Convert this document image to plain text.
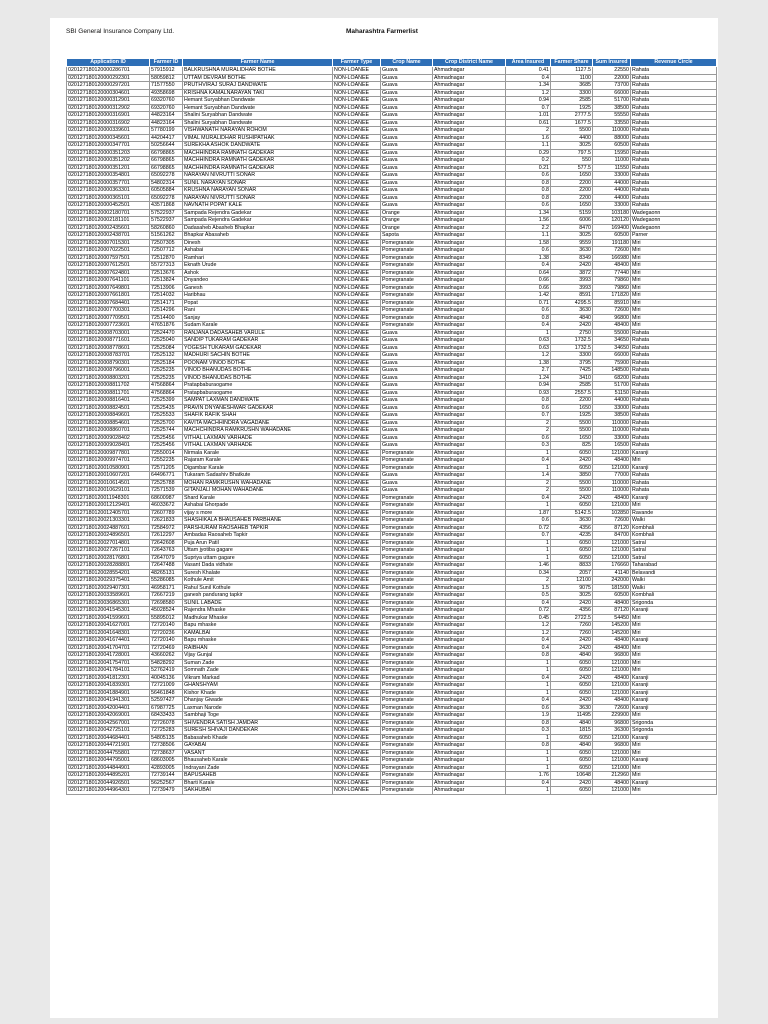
SBI General Insurance Company Ltd.	Maharashtra Farmerlist
Application ID	Farmer ID	Farmer Name	Farmer Type	Crop Name	Crop District Name	Area Insured	Farmer Share	Sum Insured	Revenue Circle
020127180120000286701	57915912	BALKRUSHNA MURALIDHAR BOTHE	NON-LOANEE	Guava	Ahmadnagar	0.41	1127.5	22550	Rahata
020127180120000292301	58059812	UTTAM DEVRAM BOTHE	NON-LOANEE	Guava	Ahmadnagar	0.4	1100	22000	Rahata
020127180120000297201	71577550	PRUTHVIRAJ SURAJ DANDWATE	NON-LOANEE	Guava	Ahmadnagar	1.34	3685	73700	Rahata
020127180120000304601	49358698	KRISHNA KAMALNARAYAN TAKI	NON-LOANEE	Guava	Ahmadnagar	1.2	3300	66000	Rahata
020127180120000312901	69320760	Hemant Suryabhan Dandwate	NON-LOANEE	Guava	Ahmadnagar	0.94	2585	51700	Rahata
020127180120000312902	69320760	Hemant Suryabhan Dandwate	NON-LOANEE	Guava	Ahmadnagar	0.7	1925	38500	Rahata
020127180120000316901	44823164	Shalini Suryabhan Dandwate	NON-LOANEE	Guava	Ahmadnagar	1.01	2777.5	55550	Rahata
020127180120000316902	44823164	Shalini Suryabhan Dandwate	NON-LOANEE	Guava	Ahmadnagar	0.61	1677.5	33550	Rahata
020127180120000339601	57780199	VISHWANATH NARAYAN ROHOM	NON-LOANEE	Guava	Ahmadnagar	2	5500	110000	Rahata
020127180120000345601	44204417	VIMAL MURALIDHAR RUSHIPATHAK	NON-LOANEE	Guava	Ahmadnagar	1.6	4400	88000	Rahata
020127180120000347701	50256644	SUREKHA ASHOK DANDWATE	NON-LOANEE	Guava	Ahmadnagar	1.1	3025	60500	Rahata
020127180120000351203	66798865	MACHHINDRA RAMNATH GADEKAR	NON-LOANEE	Guava	Ahmadnagar	0.29	797.5	15950	Rahata
020127180120000351202	66798865	MACHHINDRA RAMNATH GADEKAR	NON-LOANEE	Guava	Ahmadnagar	0.2	550	11000	Rahata
020127180120000351201	66798865	MACHHINDRA RAMNATH GADEKAR	NON-LOANEE	Guava	Ahmadnagar	0.21	577.5	11550	Rahata
020127180120000354801	65092278	NARAYAN NIVRUTTI SONAR	NON-LOANEE	Guava	Ahmadnagar	0.6	1650	33000	Rahata
020127180120000357701	54802314	SUNIL NARAYAN SONAR	NON-LOANEE	Guava	Ahmadnagar	0.8	2200	44000	Rahata
020127180120000363301	60505884	KRUSHNA NARAYAN SONAR	NON-LOANEE	Guava	Ahmadnagar	0.8	2200	44000	Rahata
020127180120000365101	65092278	NARAYAN NIVRUTTI SONAR	NON-LOANEE	Guava	Ahmadnagar	0.8	2200	44000	Rahata
020127180120000452501	43571868	NAVNATH POPAT KALE	NON-LOANEE	Guava	Ahmadnagar	0.6	1650	33000	Rahata
020127180120002180701	57522937	Sampada Rejendra Gadekar	NON-LOANEE	Orange	Ahmadnagar	1.34	5159	103180	Wadegaonn
020127180120002181101	57522937	Sampada Rejendra Gadekar	NON-LOANEE	Orange	Ahmadnagar	1.56	6006	120120	Wadegaonn
020127180120002435601	58260860	Dadasaheb Abasheb Bhapkar	NON-LOANEE	Orange	Ahmadnagar	2.2	8470	169400	Wadegaonn
020127180120002438701	51561262	Bhapkar Abasaheb	NON-LOANEE	Sapota	Ahmadnagar	1.1	3025	60500	Parner
020127180120007015301	72507305	Dinesh	NON-LOANEE	Pomegranate	Ahmadnagar	1.58	9559	191180	Miri
020127180120007022501	72507712	Ashabai	NON-LOANEE	Pomegranate	Ahmadnagar	0.6	3630	72600	Miri
020127180120007597501	72512870	Ramhari	NON-LOANEE	Pomegranate	Ahmadnagar	1.38	8349	166980	Miri
020127180120007612501	55727313	Eknath Urude	NON-LOANEE	Pomegranate	Ahmadnagar	0.4	2420	48400	Miri
020127180120007624801	72513676	Ashok	NON-LOANEE	Pomegranate	Ahmadnagar	0.64	3872	77440	Miri
020127180120007641101	72513824	Dnyandeo	NON-LOANEE	Pomegranate	Ahmadnagar	0.66	3993	79860	Miri
020127180120007649801	72513906	Ganesh	NON-LOANEE	Pomegranate	Ahmadnagar	0.66	3993	79860	Miri
020127180120007661801	72514032	Haribhau	NON-LOANEE	Pomegranate	Ahmadnagar	1.42	8591	171820	Miri
020127180120007684401	72514171	Popat	NON-LOANEE	Pomegranate	Ahmadnagar	0.71	4295.5	85910	Miri
020127180120007700301	72514296	Rani	NON-LOANEE	Pomegranate	Ahmadnagar	0.6	3630	72600	Miri
020127180120007709501	72514400	Sanjay	NON-LOANEE	Pomegranate	Ahmadnagar	0.8	4840	96800	Miri
020127180120007723601	47651876	Sudam Karale	NON-LOANEE	Pomegranate	Ahmadnagar	0.4	2420	48400	Miri
020127180120008703001	72524470	RANJANA DADASAHEB VARULE	NON-LOANEE	Guava	Ahmadnagar	1	2750	55000	Rahata
020127180120008771601	72525040	SANDIP TUKARAM GADEKAR	NON-LOANEE	Guava	Ahmadnagar	0.63	1732.5	34650	Rahata
020127180120008778601	72525084	YOGESH TUKARAM GADEKAR	NON-LOANEE	Guava	Ahmadnagar	0.63	1732.5	34650	Rahata
020127180120008783701	72525132	MADHURI SACHIN BOTHE	NON-LOANEE	Guava	Ahmadnagar	1.2	3300	66000	Rahata
020127180120008790301	72525184	POONAM VINOD BOTHE	NON-LOANEE	Guava	Ahmadnagar	1.38	3795	75900	Rahata
020127180120008796001	72525235	VINOD BHANUDAS BOTHE	NON-LOANEE	Guava	Ahmadnagar	2.7	7425	148500	Rahata
020127180120008803201	72525235	VINOD BHANUDAS BOTHE	NON-LOANEE	Guava	Ahmadnagar	1.24	3410	68200	Rahata
020127180120008811702	47568864	Pratapbaburaogame	NON-LOANEE	Guava	Ahmadnagar	0.94	2585	51700	Rahata
020127180120008811701	47568864	Pratapbaburaogame	NON-LOANEE	Guava	Ahmadnagar	0.93	2557.5	51150	Rahata
020127180120008816401	72525399	SAMPAT LAXMAN DANDWATE	NON-LOANEE	Guava	Ahmadnagar	0.8	2200	44000	Rahata
020127180120008824501	72525435	PRAVIN DNYANESHWAR GADEKAR	NON-LOANEE	Guava	Ahmadnagar	0.6	1650	33000	Rahata
020127180120008849601	72525533	SHAFIK RAFIK SHAH	NON-LOANEE	Guava	Ahmadnagar	0.7	1925	38500	Rahata
020127180120008854601	72525700	KAVITA MACHHINDRA VAGADANE	NON-LOANEE	Guava	Ahmadnagar	2	5500	110000	Rahata
020127180120008860701	72525744	MACHCHINDRA RAMKRUSHN WAHADANE	NON-LOANEE	Guava	Ahmadnagar	2	5500	110000	Rahata
020127180120009028402	72525456	VITHAL LAXMAN VARHADE	NON-LOANEE	Guava	Ahmadnagar	0.6	1650	33000	Rahata
020127180120009028401	72525456	VITHAL LAXMAN VARHADE	NON-LOANEE	Guava	Ahmadnagar	0.3	825	16500	Rahata
020127180120009877801	72550014	Nirmala Karale	NON-LOANEE	Pomegranate	Ahmadnagar	1	6050	121000	Karanji
020127180120009974701	72552235	Rajaram Karale	NON-LOANEE	Pomegranate	Ahmadnagar	0.4	2420	48400	Miri
020127180120010580901	72571205	Digambar Karale	NON-LOANEE	Pomegranate	Ahmadnagar	1	6050	121000	Karanji
020127180120010607201	64496771	Tukaram Sadashiv Bhatkute	NON-LOANEE	Guava	Ahmadnagar	1.4	3850	77000	Rahata
020127180120010614501	72525788	MOHAN RAMKRUSHN WAHADANE	NON-LOANEE	Guava	Ahmadnagar	2	5500	110000	Rahata
020127180120010629101	72571539	GITANJALI MOHAN WAHADANE	NON-LOANEE	Guava	Ahmadnagar	2	5500	110000	Rahata
020127180120011948301	68600987	Shard Karale	NON-LOANEE	Pomegranate	Ahmadnagar	0.4	2420	48400	Karanji
020127180120012129401	46033672	Ashabai Ghorpade	NON-LOANEE	Pomegranate	Ahmadnagar	1	6050	121000	Miri
020127180120012405701	72607789	vijay s more	NON-LOANEE	Pomegranate	Ahmadnagar	1.87	5142.5	102850	Ravande
020127180120021303301	72621833	SHASHIKALA BHAUSAHEB PARBHANE	NON-LOANEE	Pomegranate	Ahmadnagar	0.6	3630	72600	Walki
020127180120024887601	72584972	PARSHURAM RAOSAHEB TAPKIR	NON-LOANEE	Pomegranate	Ahmadnagar	0.72	4356	87120	Kombhali
020127180120024896501	72612297	Ambadas Raosaheb Tapkir	NON-LOANEE	Pomegranate	Ahmadnagar	0.7	4235	84700	Kombhali
020127180120027014801	72642608	Puja Arun Patil	NON-LOANEE	Pomegranate	Ahmadnagar	1	6050	121000	Satral
020127180120027267101	72643763	Uttam jyotiba gagare	NON-LOANEE	Pomegranate	Ahmadnagar	1	6050	121000	Satral
020127180120028176801	72647079	Supriya uttam gagare	NON-LOANEE	Pomegranate	Ahmadnagar	1	6050	121000	Satral
020127180120028288801	72647488	Vasant Dada vidhate	NON-LOANEE	Pomegranate	Ahmadnagar	1.46	8833	176660	Taharabad
020127180120028554201	48265131	Suresh Khalate	NON-LOANEE	Pomegranate	Ahmadnagar	0.34	2057	41140	Belavandi
020127180120029375401	55286085	Kothule Amit	NON-LOANEE	Pomegranate	Ahmadnagar	2	12100	242000	Walki
020127180120029407301	46958171	Rahul Sunil Kothule	NON-LOANEE	Pomegranate	Ahmadnagar	1.5	9075	181500	Walki
020127180120033589601	72667219	ganesh pandurang tapkir	NON-LOANEE	Pomegranate	Ahmadnagar	0.5	3025	60500	Kombhali
020127180120036865301	72698580	SUNIL LABADE	NON-LOANEE	Pomegranate	Ahmadnagar	0.4	2420	48400	Srigonda
020127180120041545301	45028524	Rajendra Mhaske	NON-LOANEE	Pomegranate	Ahmadnagar	0.72	4356	87120	Karanji
020127180120041599601	55895012	Madhukar Mhaske	NON-LOANEE	Pomegranate	Ahmadnagar	0.45	2722.5	54450	Miri
020127180120041627001	72720140	Bapu mhaske	NON-LOANEE	Pomegranate	Ahmadnagar	1.2	7260	145200	Miri
020127180120041648301	72720236	KAMALBAI	NON-LOANEE	Pomegranate	Ahmadnagar	1.2	7260	145200	Miri
020127180120041674401	72720140	Bapu mhaske	NON-LOANEE	Pomegranate	Ahmadnagar	0.4	2420	48400	Karanji
020127180120041704701	72720469	RAIBHAN	NON-LOANEE	Pomegranate	Ahmadnagar	0.4	2420	48400	Miri
020127180120041728001	43660262	Vijay Gunjal	NON-LOANEE	Pomegranate	Ahmadnagar	0.8	4840	96800	Miri
020127180120041754701	54828292	Suman Zade	NON-LOANEE	Pomegranate	Ahmadnagar	1	6050	121000	Miri
020127180120041784101	52762419	Somnath Zade	NON-LOANEE	Pomegranate	Ahmadnagar	1	6050	121000	Miri
020127180120041812301	40045136	Vikram Markad	NON-LOANEE	Pomegranate	Ahmadnagar	0.4	2420	48400	Karanji
020127180120041839301	72721009	GHANSHYAM	NON-LOANEE	Pomegranate	Ahmadnagar	1	6050	121000	Karanji
020127180120041884901	56461848	Kishor Khade	NON-LOANEE	Pomegranate	Ahmadnagar	1	6050	121000	Karanji
020127180120041941301	52597427	Dhanjay Giwade	NON-LOANEE	Pomegranate	Ahmadnagar	0.4	2420	48400	Karanji
020127180120042004401	67987725	Laxman Narode	NON-LOANEE	Pomegranate	Ahmadnagar	0.6	3630	72600	Karanji
020127180120042069001	68433433	Sambhaji Toge	NON-LOANEE	Pomegranate	Ahmadnagar	1.9	11495	229900	Miri
020127180120042567001	72726078	SHIVENDRA SATISH JAMDAR	NON-LOANEE	Pomegranate	Ahmadnagar	0.8	4840	96800	Srigonda
020127180120042725101	72725283	SURESH SHIVAJI DANDEKAR	NON-LOANEE	Pomegranate	Ahmadnagar	0.3	1815	36300	Srigonda
020127180120044684401	54805135	Babasaheb Khade	NON-LOANEE	Pomegranate	Ahmadnagar	1	6050	121000	Karanji
020127180120044721901	72738506	GAYABAI	NON-LOANEE	Pomegranate	Ahmadnagar	0.8	4840	96800	Miri
020127180120044755801	72738637	VASANT	NON-LOANEE	Pomegranate	Ahmadnagar	1	6050	121000	Miri
020127180120044795001	68603005	Bhausaheb Karale	NON-LOANEE	Pomegranate	Ahmadnagar	1	6050	121000	Karanji
020127180120044844901	42893005	Indrayani Zade	NON-LOANEE	Pomegranate	Ahmadnagar	1	6050	121000	Miri
020127180120044895201	72739144	BAPUSAHEB	NON-LOANEE	Pomegranate	Ahmadnagar	1.76	10648	212960	Miri
020127180120044926501	56252567	Bharti Karale	NON-LOANEE	Pomegranate	Ahmadnagar	0.4	2420	48400	Karanji
020127180120044964301	72739479	SAKHUBAI	NON-LOANEE	Pomegranate	Ahmadnagar	1	6050	121000	Miri
